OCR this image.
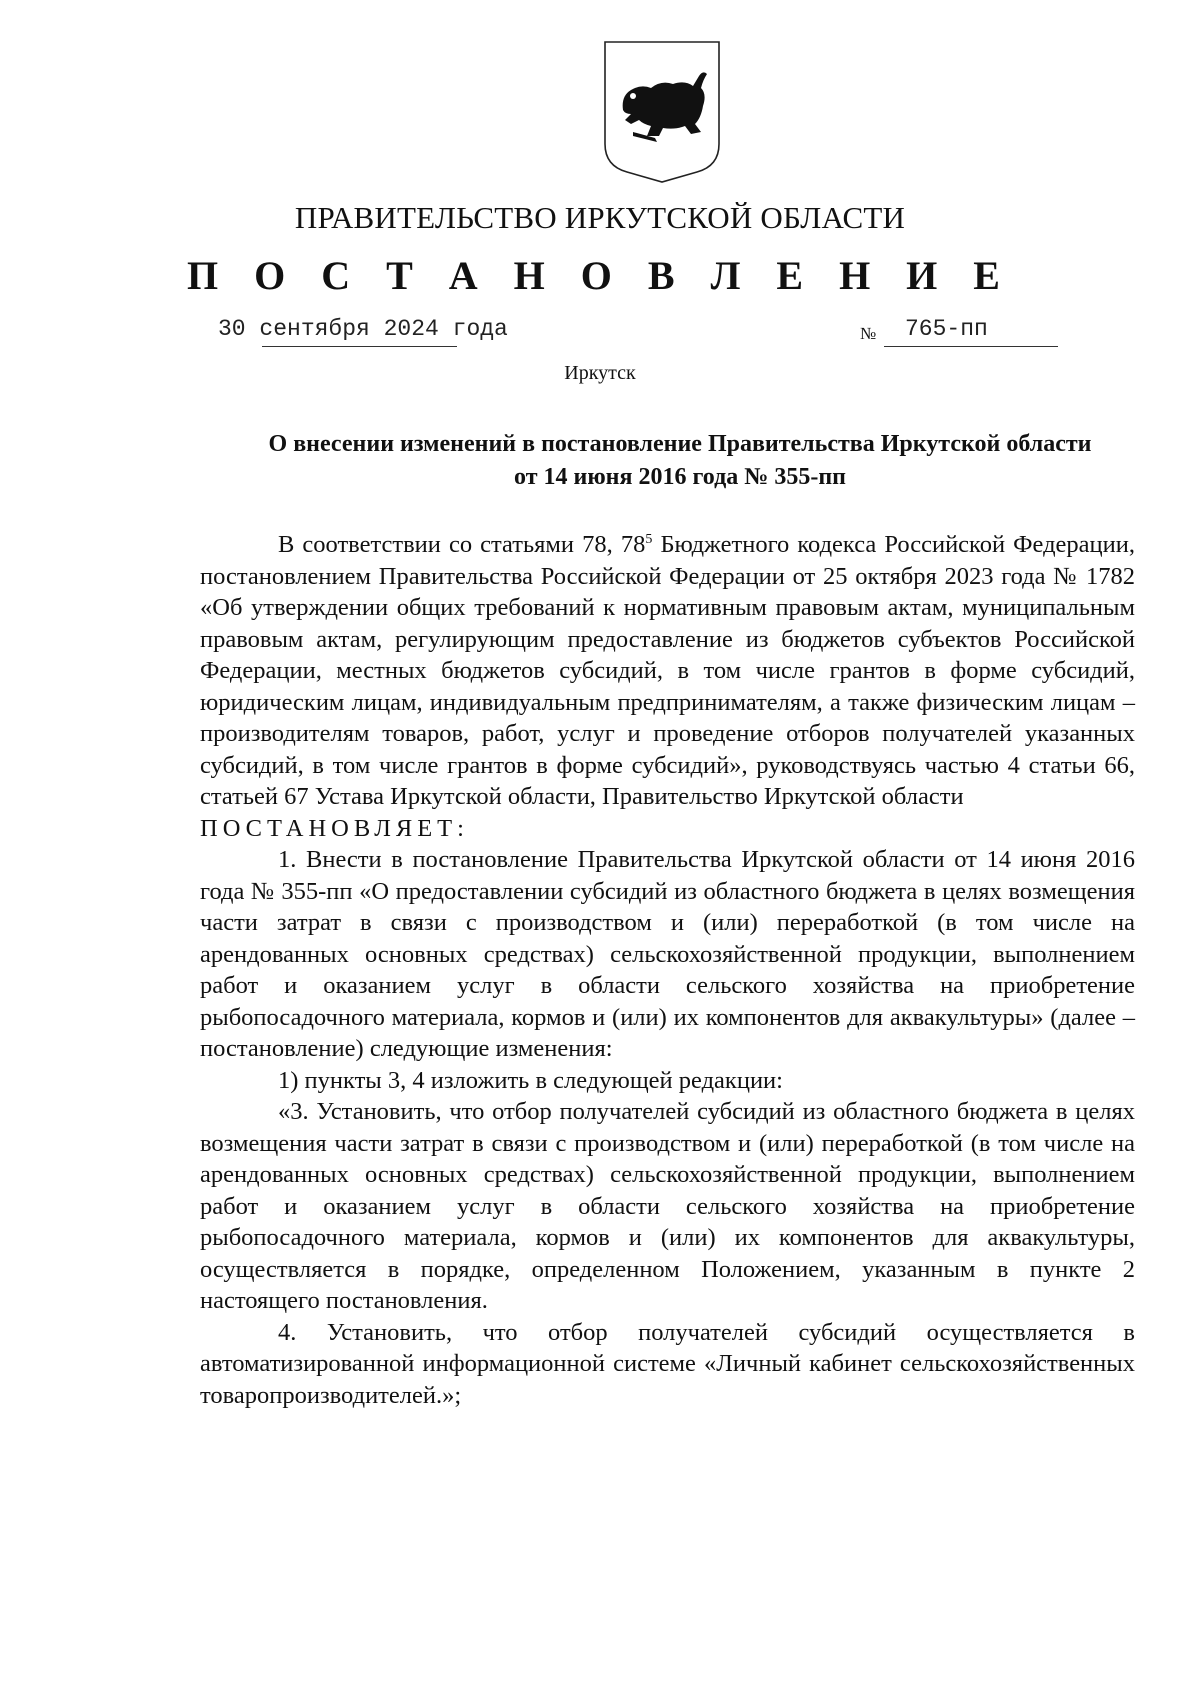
ПРАВИТЕЛЬСТВО ИРКУТСКОЙ ОБЛАСТИ
П О С Т А Н О В Л Е Н И Е
30 сентября 2024 года	№ 765-пп
Иркутск
О внесении изменений в постановление Правительства Иркутской области
от 14 июня 2016 года № 355-пп

В соответствии со статьями 78, $78^5$ Бюджетного кодекса Российской Федерации, постановлением Правительства Российской Федерации от 25 октября 2023 года № 1782 «Об утверждении общих требований к нормативным правовым актам, муниципальным правовым актам, регулирующим предоставление из бюджетов субъектов Российской Федерации, местных бюджетов субсидий, в том числе грантов в форме субсидий, юридическим лицам, индивидуальным предпринимателям, а также физическим лицам – производителям товаров, работ, услуг и проведение отборов получателей указанных субсидий, в том числе грантов в форме субсидий», руководствуясь частью 4 статьи 66, статьей 67 Устава Иркутской области, Правительство Иркутской области

ПОСТАНОВЛЯЕТ:

1. Внести в постановление Правительства Иркутской области от 14 июня 2016 года № 355-пп «О предоставлении субсидий из областного бюджета в целях возмещения части затрат в связи с производством и (или) переработкой (в том числе на арендованных основных средствах) сельскохозяйственной продукции, выполнением работ и оказанием услуг в области сельского хозяйства на приобретение рыбопосадочного материала, кормов и (или) их компонентов для аквакультуры» (далее – постановление) следующие изменения:

1) пункты 3, 4 изложить в следующей редакции:

«3. Установить, что отбор получателей субсидий из областного бюджета в целях возмещения части затрат в связи с производством и (или) переработкой (в том числе на арендованных основных средствах) сельскохозяйственной продукции, выполнением работ и оказанием услуг в области сельского хозяйства на приобретение рыбопосадочного материала, кормов и (или) их компонентов для аквакультуры, осуществляется в порядке, определенном Положением, указанным в пункте 2 настоящего постановления.

4. Установить, что отбор получателей субсидий осуществляется в автоматизированной информационной системе «Личный кабинет сельскохозяйственных товаропроизводителей.»;
